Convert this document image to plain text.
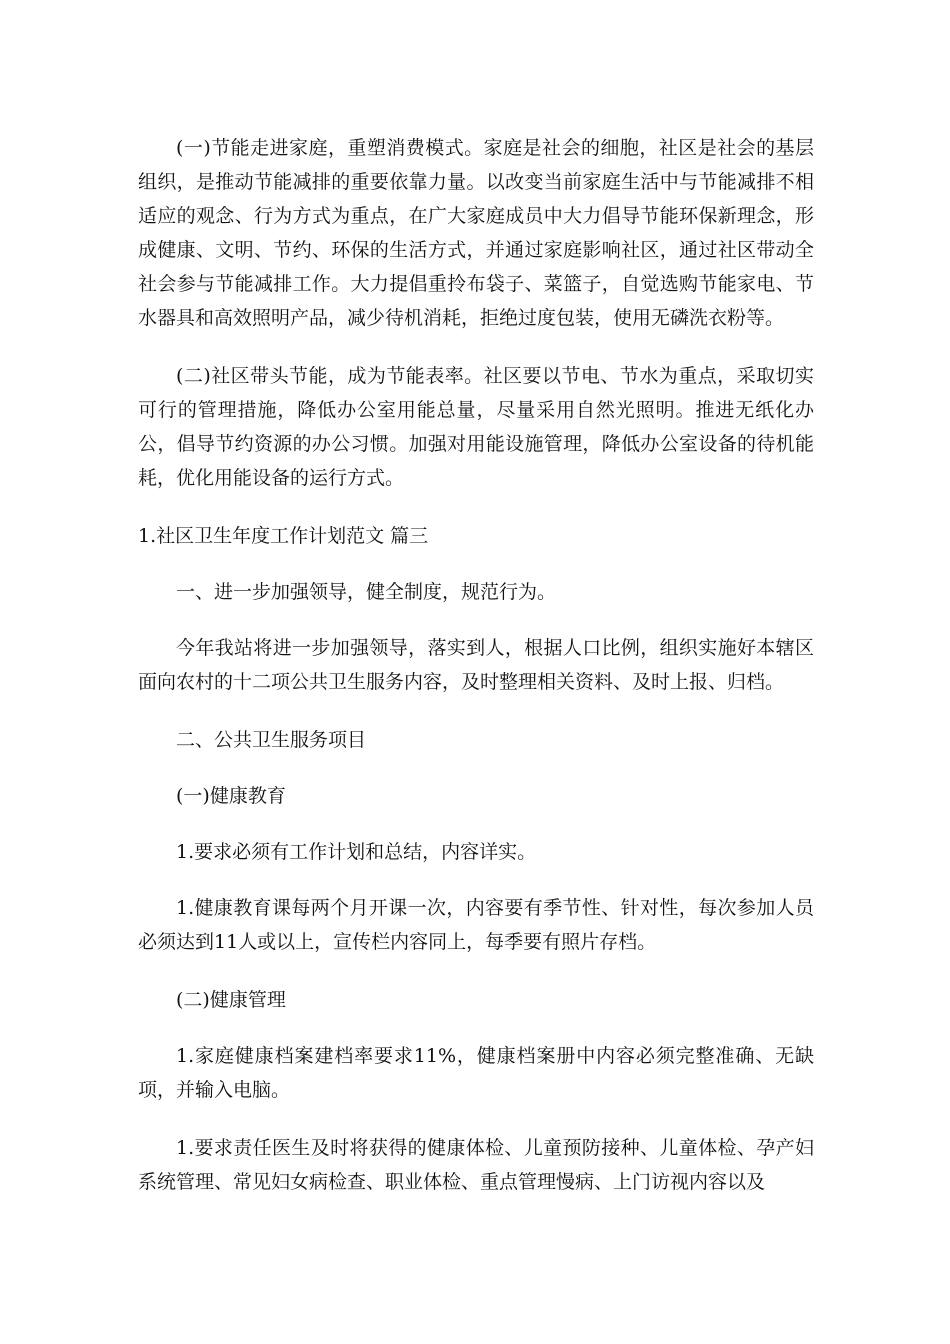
(一)节能走进家庭，重塑消费模式。家庭是社会的细胞，社区是社会的基层组织，是推动节能减排的重要依靠力量。以改变当前家庭生活中与节能减排不相适应的观念、行为方式为重点，在广大家庭成员中大力倡导节能环保新理念，形成健康、文明、节约、环保的生活方式，并通过家庭影响社区，通过社区带动全社会参与节能减排工作。大力提倡重拎布袋子、菜篮子，自觉选购节能家电、节水器具和高效照明产品，减少待机消耗，拒绝过度包装，使用无磷洗衣粉等。

(二)社区带头节能，成为节能表率。社区要以节电、节水为重点，采取切实可行的管理措施，降低办公室用能总量，尽量采用自然光照明。推进无纸化办公，倡导节约资源的办公习惯。加强对用能设施管理，降低办公室设备的待机能耗，优化用能设备的运行方式。

1.社区卫生年度工作计划范文 篇三

一、进一步加强领导，健全制度，规范行为。

今年我站将进一步加强领导，落实到人，根据人口比例，组织实施好本辖区面向农村的十二项公共卫生服务内容，及时整理相关资料、及时上报、归档。

二、公共卫生服务项目

(一)健康教育

1.要求必须有工作计划和总结，内容详实。

1.健康教育课每两个月开课一次，内容要有季节性、针对性，每次参加人员必须达到11人或以上，宣传栏内容同上，每季要有照片存档。

(二)健康管理

1.家庭健康档案建档率要求11%，健康档案册中内容必须完整准确、无缺项，并输入电脑。

1.要求责任医生及时将获得的健康体检、儿童预防接种、儿童体检、孕产妇系统管理、常见妇女病检查、职业体检、重点管理慢病、上门访视内容以及
